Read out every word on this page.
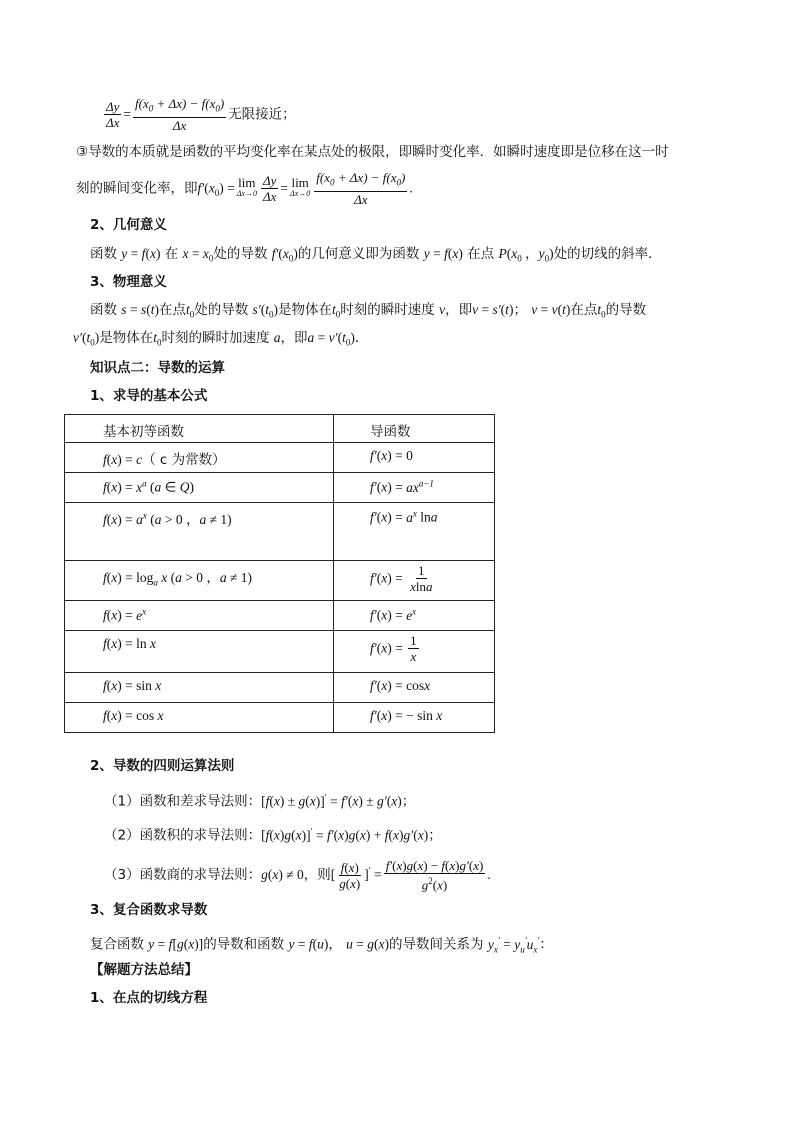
$\frac{\Delta y}{\Delta x} = \frac{f(x_0 + \Delta x) - f(x_0)}{\Delta x}$ 无限接近；
③导数的本质就是函数的平均变化率在某点处的极限，即瞬时变化率．如瞬时速度即是位移在这一时
刻的瞬间变化率，即$f'(x_0) = \lim$
$\Delta x\to 0 \frac{\Delta y}{\Delta x} = \lim$
$\Delta x\to 0 \frac{f(x_0 + \Delta x) - f(x_0)}{\Delta x}$ .
2、几何意义
函数 y = f(x) 在 $x = x_0$处的导数 $f'(x_0)$的几何意义即为函数 y = f(x) 在点 $P(x_0$ ，$y_0$)处的切线的斜率．
3、物理意义
函数 s = s(t)在点$t_0$处的导数 $s'(t_0)$是物体在$t_0$时刻的瞬时速度 v，即v = s′(t)； v = v(t)在点$t_0$的导数
$v'(t_0)$是物体在$t_0$时刻的瞬时加速度 a，即$a = v'(t_0)$．
知识点二：导数的运算
1、求导的基本公式
基本初等函数	导函数
f(x) = c（ c 为常数）	f′(x) = 0
$f(x) = x^a$ (a ∈ Q)	$f'(x) = ax^{a-1}$
$f(x) = a^x$ (a > 0 ，a ≠ 1)	$f'(x) = a^x$ lna
$f(x) = \log_a x$ (a > 0 ，a ≠ 1)	$f'(x) = \frac{1}{xlna}$

$f(x) = e^x$	$f'(x) = e^x$
f(x) = ln x	$f'(x) = \frac{1}{x}$

f(x) = sin x	f′(x) = cosx
f(x) = cos x	f′(x) = − sin x
2、导数的四则运算法则
（1）函数和差求导法则：[f(x) ± g(x)]′ = f′(x) ± g′(x)；
（2）函数积的求导法则：[f(x)g(x)]′ = f′(x)g(x) + f(x)g′(x)；
（3）函数商的求导法则：g(x) ≠ 0，则[ $\frac{f(x)}{g(x)} ]' = \frac{f'(x)g(x) - f(x)g'(x)}{g^2(x)}$ .
3、复合函数求导数
复合函数 y = f[g(x)]的导数和函数 y = f(u)， u = g(x)的导数间关系为 $y_x' = y_u'u_x'$：
【解题方法总结】
1、在点的切线方程
